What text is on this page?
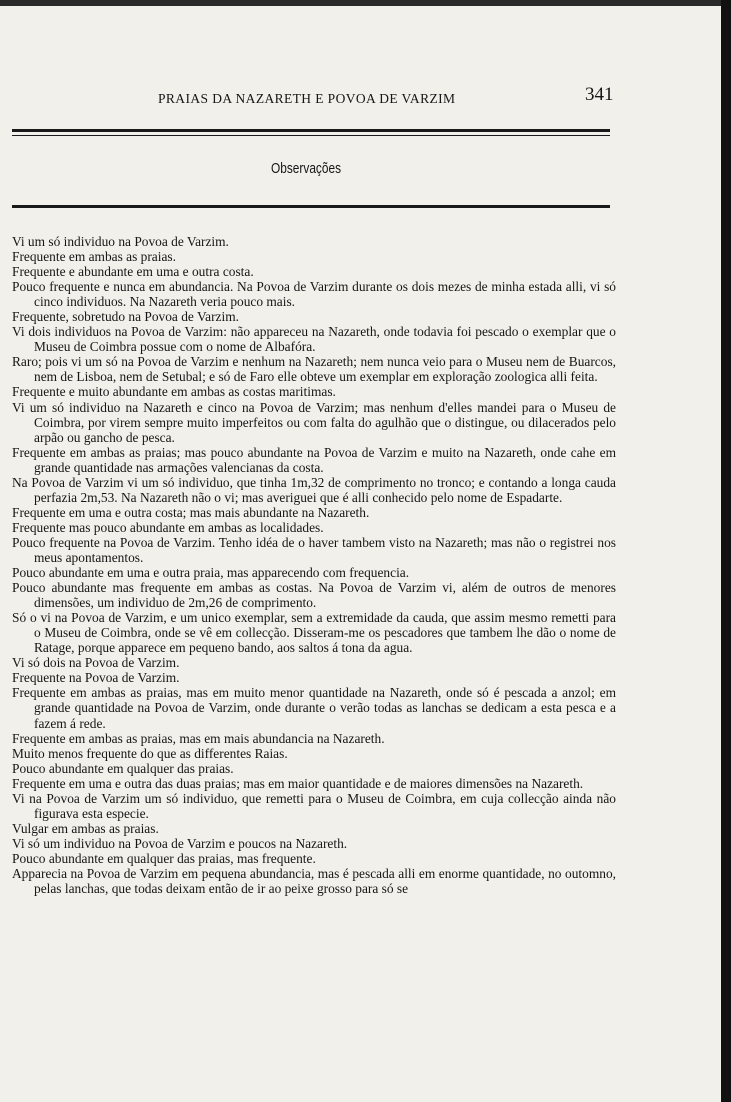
PRAIAS DA NAZARETH E POVOA DE VARZIM	341
Observações

Vi um só individuo na Povoa de Varzim.

Frequente em ambas as praias.

Frequente e abundante em uma e outra costa.

Pouco frequente e nunca em abundancia. Na Povoa de Varzim durante os dois mezes de minha estada alli, vi só cinco individuos. Na Nazareth veria pouco mais.

Frequente, sobretudo na Povoa de Varzim.

Vi dois individuos na Povoa de Varzim: não appareceu na Nazareth, onde todavia foi pescado o exemplar que o Museu de Coimbra possue com o nome de Albafóra.

Raro; pois vi um só na Povoa de Varzim e nenhum na Nazareth; nem nunca veio para o Museu nem de Buarcos, nem de Lisboa, nem de Setubal; e só de Faro elle obteve um exemplar em exploração zoologica alli feita.

Frequente e muito abundante em ambas as costas maritimas.

Vi um só individuo na Nazareth e cinco na Povoa de Varzim; mas nenhum d'elles mandei para o Museu de Coimbra, por virem sempre muito imperfeitos ou com falta do agulhão que o distingue, ou dilacerados pelo arpão ou gancho de pesca.

Frequente em ambas as praias; mas pouco abundante na Povoa de Varzim e muito na Nazareth, onde cahe em grande quantidade nas armações valencianas da costa.

Na Povoa de Varzim vi um só individuo, que tinha 1m,32 de comprimento no tronco; e contando a longa cauda perfazia 2m,53. Na Nazareth não o vi; mas averiguei que é alli conhecido pelo nome de Espadarte.

Frequente em uma e outra costa; mas mais abundante na Nazareth.

Frequente mas pouco abundante em ambas as localidades.

Pouco frequente na Povoa de Varzim. Tenho idéa de o haver tambem visto na Nazareth; mas não o registrei nos meus apontamentos.

Pouco abundante em uma e outra praia, mas apparecendo com frequencia.

Pouco abundante mas frequente em ambas as costas. Na Povoa de Varzim vi, além de outros de menores dimensões, um individuo de 2m,26 de comprimento.

Só o vi na Povoa de Varzim, e um unico exemplar, sem a extremidade da cauda, que assim mesmo remetti para o Museu de Coimbra, onde se vê em collecção. Disseram-me os pescadores que tambem lhe dão o nome de Ratage, porque apparece em pequeno bando, aos saltos á tona da agua.

Vi só dois na Povoa de Varzim.

Frequente na Povoa de Varzim.

Frequente em ambas as praias, mas em muito menor quantidade na Nazareth, onde só é pescada a anzol; em grande quantidade na Povoa de Varzim, onde durante o verão todas as lanchas se dedicam a esta pesca e a fazem á rede.

Frequente em ambas as praias, mas em mais abundancia na Nazareth.

Muito menos frequente do que as differentes Raias.

Pouco abundante em qualquer das praias.

Frequente em uma e outra das duas praias; mas em maior quantidade e de maiores dimensões na Nazareth.

Vi na Povoa de Varzim um só individuo, que remetti para o Museu de Coimbra, em cuja collecção ainda não figurava esta especie.

Vulgar em ambas as praias.

Vi só um individuo na Povoa de Varzim e poucos na Nazareth.

Pouco abundante em qualquer das praias, mas frequente.

Apparecia na Povoa de Varzim em pequena abundancia, mas é pescada alli em enorme quantidade, no outomno, pelas lanchas, que todas deixam então de ir ao peixe grosso para só se
